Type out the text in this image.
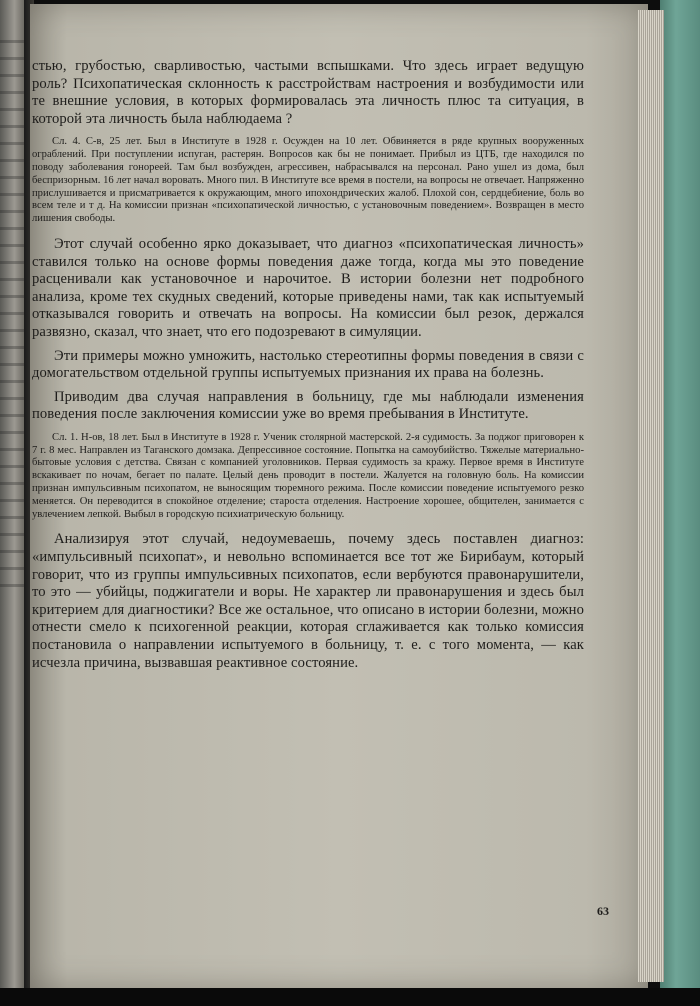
стью, грубостью, сварливостью, частыми вспышками. Что здесь играет ведущую роль? Психопатическая склонность к расстройствам настроения и возбудимости или те внешние условия, в которых формировалась эта личность плюс та ситуация, в которой эта личность была наблюдаема ?

Сл. 4. С-в, 25 лет. Был в Институте в 1928 г. Осужден на 10 лет. Обвиняется в ряде крупных вооруженных ограблений. При поступлении испуган, растерян. Вопросов как бы не понимает. Прибыл из ЦТБ, где находился по поводу заболевания гонореей. Там был возбужден, агрессивен, набрасывался на персонал. Рано ушел из дома, был беспризорным. 16 лет начал воровать. Много пил. В Институте все время в постели, на вопросы не отвечает. Напряженно прислушивается и присматривается к окружающим, много ипохондрических жалоб. Плохой сон, сердцебиение, боль во всем теле и т д. На комиссии признан «психопатической личностью, с установочным поведением». Возвращен в место лишения свободы.

Этот случай особенно ярко доказывает, что диагноз «психопатическая личность» ставился только на основе формы поведения даже тогда, когда мы это поведение расценивали как установочное и нарочитое. В истории болезни нет подробного анализа, кроме тех скудных сведений, которые приведены нами, так как испытуемый отказывался говорить и отвечать на вопросы. На комиссии был резок, держался развязно, сказал, что знает, что его подозревают в симуляции.

Эти примеры можно умножить, настолько стереотипны формы поведения в связи с домогательством отдельной группы испытуемых признания их права на болезнь.

Приводим два случая направления в больницу, где мы наблюдали изменения поведения после заключения комиссии уже во время пребывания в Институте.

Сл. 1. Н-ов, 18 лет. Был в Институте в 1928 г. Ученик столярной мастерской. 2-я судимость. За поджог приговорен к 7 г. 8 мес. Направлен из Таганского домзака. Депрессивное состояние. Попытка на самоубийство. Тяжелые материально-бытовые условия с детства. Связан с компанией уголовников. Первая судимость за кражу. Первое время в Институте вскакивает по ночам, бегает по палате. Целый день проводит в постели. Жалуется на головную боль. На комиссии признан импульсивным психопатом, не выносящим тюремного режима. После комиссии поведение испытуемого резко меняется. Он переводится в спокойное отделение; староста отделения. Настроение хорошее, общителен, занимается с увлечением лепкой. Выбыл в городскую психиатрическую больницу.

Анализируя этот случай, недоумеваешь, почему здесь поставлен диагноз: «импульсивный психопат», и невольно вспоминается все тот же Бирибаум, который говорит, что из группы импульсивных психопатов, если вербуются правонарушители, то это — убийцы, поджигатели и воры. Не характер ли правонарушения и здесь был критерием для диагностики? Все же остальное, что описано в истории болезни, можно отнести смело к психогенной реакции, которая сглаживается как только комиссия постановила о направлении испытуемого в больницу, т. е. с того момента, — как исчезла причина, вызвавшая реактивное состояние.

63
